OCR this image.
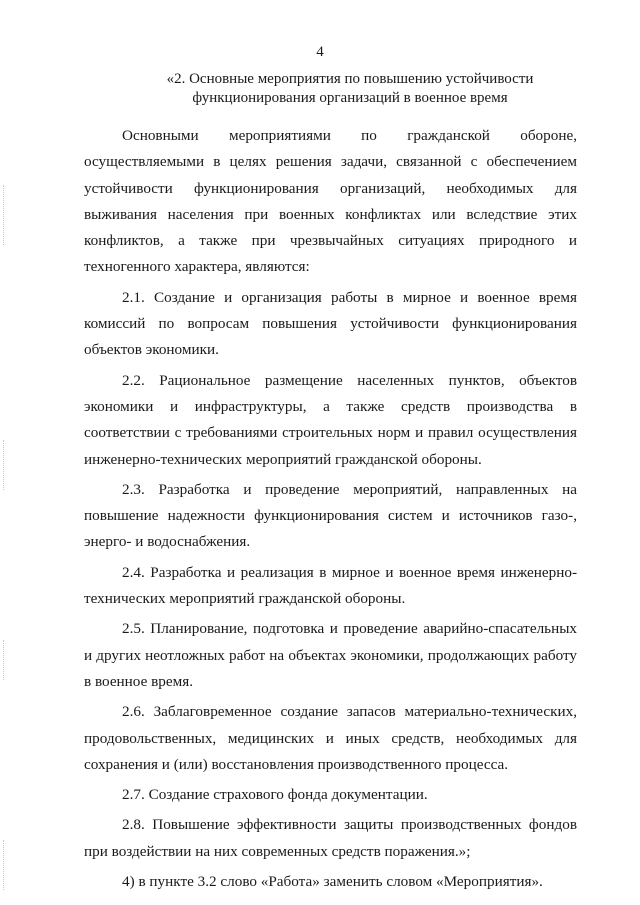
4
«2. Основные мероприятия по повышению устойчивости
функционирования организаций в военное время

Основными мероприятиями по гражданской обороне, осуществляемыми в целях решения задачи, связанной с обеспечением устойчивости функционирования организаций, необходимых для выживания населения при военных конфликтах или вследствие этих конфликтов, а также при чрезвычайных ситуациях природного и техногенного характера, являются:

2.1. Создание и организация работы в мирное и военное время комиссий по вопросам повышения устойчивости функционирования объектов экономики.

2.2. Рациональное размещение населенных пунктов, объектов экономики и инфраструктуры, а также средств производства в соответствии с требованиями строительных норм и правил осуществления инженерно-технических мероприятий гражданской обороны.

2.3. Разработка и проведение мероприятий, направленных на повышение надежности функционирования систем и источников газо-, энерго- и водоснабжения.

2.4. Разработка и реализация в мирное и военное время инженерно-технических мероприятий гражданской обороны.

2.5. Планирование, подготовка и проведение аварийно-спасательных и других неотложных работ на объектах экономики, продолжающих работу в военное время.

2.6. Заблаговременное создание запасов материально-технических, продовольственных, медицинских и иных средств, необходимых для сохранения и (или) восстановления производственного процесса.

2.7. Создание страхового фонда документации.

2.8. Повышение эффективности защиты производственных фондов при воздействии на них современных средств поражения.»;

4) в пункте 3.2 слово «Работа» заменить словом «Мероприятия».
